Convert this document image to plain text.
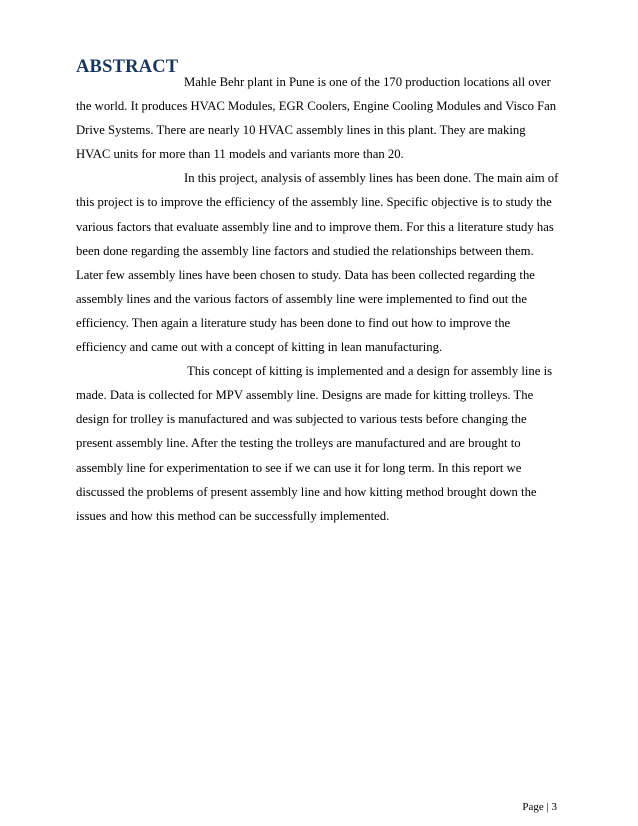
ABSTRACT
Mahle Behr plant in Pune is one of the 170 production locations all over
the world. It produces HVAC Modules, EGR Coolers, Engine Cooling Modules and Visco Fan
Drive Systems. There are nearly 10 HVAC assembly lines in this plant. They are making
HVAC units for more than 11 models and variants more than 20.
In this project, analysis of assembly lines has been done. The main aim of
this project is to improve the efficiency of the assembly line. Specific objective is to study the
various factors that evaluate assembly line and to improve them. For this a literature study has
been done regarding the assembly line factors and studied the relationships between them.
Later few assembly lines have been chosen to study. Data has been collected regarding the
assembly lines and the various factors of assembly line were implemented to find out the
efficiency. Then again a literature study has been done to find out how to improve the
efficiency and came out with a concept of kitting in lean manufacturing.
This concept of kitting is implemented and a design for assembly line is
made. Data is collected for MPV assembly line. Designs are made for kitting trolleys. The
design for trolley is manufactured and was subjected to various tests before changing the
present assembly line. After the testing the trolleys are manufactured and are brought to
assembly line for experimentation to see if we can use it for long term. In this report we
discussed the problems of present assembly line and how kitting method brought down the
issues and how this method can be successfully implemented.

Page | 3
